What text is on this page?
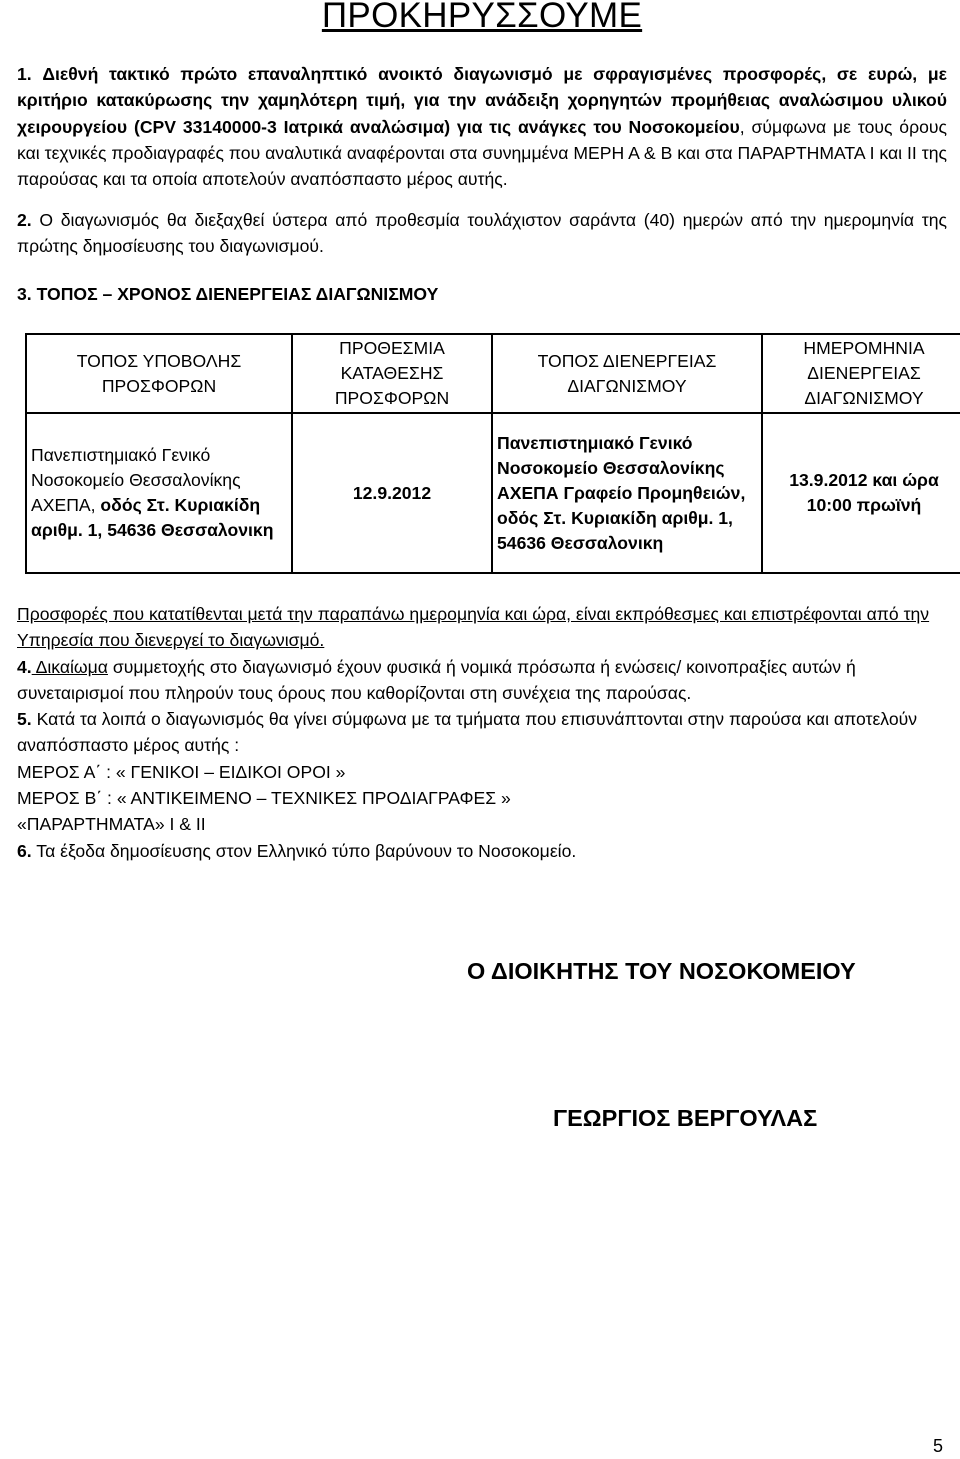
ΠΡΟΚΗΡΥΣΣΟΥΜΕ
1. Διεθνή τακτικό πρώτο επαναληπτικό ανοικτό διαγωνισμό με σφραγισμένες προσφορές, σε ευρώ, με κριτήριο κατακύρωσης την χαμηλότερη τιμή, για την ανάδειξη χορηγητών προμήθειας αναλώσιμου υλικού χειρουργείου (CPV 33140000-3 Ιατρικά αναλώσιμα) για τις ανάγκες του Νοσοκομείου, σύμφωνα με τους όρους και τεχνικές προδιαγραφές που αναλυτικά αναφέρονται στα συνημμένα ΜΕΡΗ Α & Β και στα ΠΑΡΑΡΤΗΜΑΤΑ Ι και ΙΙ της παρούσας και τα οποία αποτελούν αναπόσπαστο μέρος αυτής.
2. Ο διαγωνισμός θα διεξαχθεί ύστερα από προθεσμία τουλάχιστον σαράντα (40) ημερών από την ημερομηνία της πρώτης δημοσίευσης του διαγωνισμού.
3. ΤΟΠΟΣ – ΧΡΟΝΟΣ ΔΙΕΝΕΡΓΕΙΑΣ ΔΙΑΓΩΝΙΣΜΟΥ
ΤΟΠΟΣ ΥΠΟΒΟΛΗΣ ΠΡΟΣΦΟΡΩΝ	ΠΡΟΘΕΣΜΙΑ ΚΑΤΑΘΕΣΗΣ ΠΡΟΣΦΟΡΩΝ	ΤΟΠΟΣ ΔΙΕΝΕΡΓΕΙΑΣ ΔΙΑΓΩΝΙΣΜΟΥ	ΗΜΕΡΟΜΗΝΙΑ ΔΙΕΝΕΡΓΕΙΑΣ ΔΙΑΓΩΝΙΣΜΟΥ
Πανεπιστημιακό Γενικό Νοσοκομείο Θεσσαλονίκης ΑΧΕΠΑ, οδός Στ. Κυριακίδη αριθμ. 1, 54636 Θεσσαλονικη	12.9.2012	Πανεπιστημιακό Γενικό Νοσοκομείο Θεσσαλονίκης ΑΧΕΠΑ Γραφείο Προμηθειών, οδός Στ. Κυριακίδη αριθμ. 1, 54636 Θεσσαλονικη	13.9.2012 και ώρα 10:00 πρωϊνή
Προσφορές που κατατίθενται μετά την παραπάνω ημερομηνία και ώρα, είναι εκπρόθεσμες και επιστρέφονται από την Υπηρεσία που διενεργεί το διαγωνισμό.
4. Δικαίωμα συμμετοχής στο διαγωνισμό έχουν φυσικά ή νομικά πρόσωπα ή ενώσεις/ κοινοπραξίες αυτών ή συνεταιρισμοί που πληρούν τους όρους που καθορίζονται στη συνέχεια της παρούσας.
5. Κατά τα λοιπά ο διαγωνισμός θα γίνει σύμφωνα με τα τμήματα που επισυνάπτονται στην παρούσα και αποτελούν αναπόσπαστο μέρος αυτής :
ΜΕΡΟΣ Α΄ : « ΓΕΝΙΚΟΙ – ΕΙΔΙΚΟΙ ΟΡΟΙ »
ΜΕΡΟΣ Β΄ : « ΑΝΤΙΚΕΙΜΕΝΟ – ΤΕΧΝΙΚΕΣ ΠΡΟΔΙΑΓΡΑΦΕΣ »
«ΠΑΡΑΡΤΗΜΑΤΑ» Ι & ΙΙ
6. Τα έξοδα δημοσίευσης στον Ελληνικό τύπο βαρύνουν το Νοσοκομείο.
Ο ΔΙΟΙΚΗΤΗΣ ΤΟΥ ΝΟΣΟΚΟΜΕΙΟΥ
ΓΕΩΡΓΙΟΣ ΒΕΡΓΟΥΛΑΣ
5
